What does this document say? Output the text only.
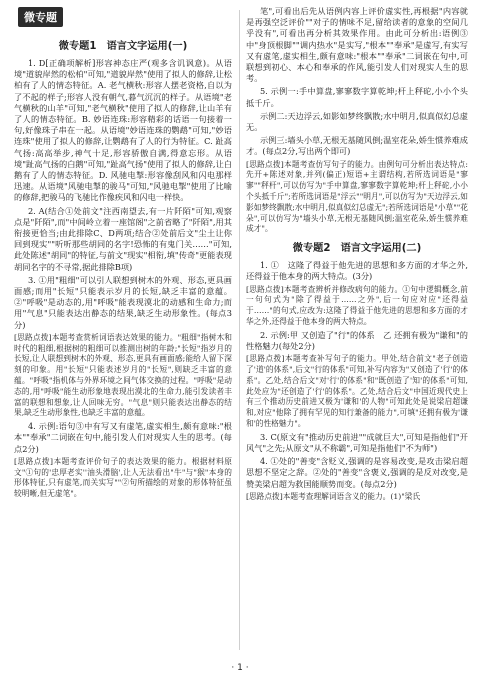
微专题
微专题1　语言文字运用(一)

1. D[正确项解析]形容神态庄严(观多含讥讽意)。从语境"道貌岸然的松柏"可知,"道貌岸然"使用了拟人的修辞,让松柏有了人的情态特征。A. 老气横秋:形容人摆老资格,自以为了不起的样子;形容人没有朝气,暮气沉沉的样子。从语境"老气横秋的山羊"可知,"老气横秋"使用了拟人的修辞,让山羊有了人的情态特征。B. 妙语连珠:形容精彩的话语一句接着一句,好像珠子串在一起。从语境"妙语连珠的鹦鹉"可知,"妙语连珠"使用了拟人的修辞,让鹦鹉有了人的行为特征。C. 趾高气扬:高高举步,神气十足,形容骄傲自满,得意忘形。从语境"趾高气扬的白鹅"可知,"趾高气扬"使用了拟人的修辞,让白鹅有了人的情态特征。D. 风驰电掣:形容像刮风和闪电那样迅速。从语境"风驰电掣的骏马"可知,"风驰电掣"使用了比喻的修辞,把骏马的飞驰比作像疾风和闪电一样快。

2. A(结合①处前文"注西南望去,有一片阡陌"可知,观察点是"阡陌",而"中间岭立着一座馆阁"之前省略了"阡陌",用其衔接更恰当;由此排除C、D两项;结合②处前后文"尘土让你回到现实""听听那些胡同的名字!恐怖的有鬼门关……"可知,此处陈述"胡同"的特征,与前文"现实"相衔,填"传奇"更能表现胡同名字的不寻常,据此排除B项)

3. ①用"粗细"可以引人联想到树木的外观、形态,更具画面感;而用"长短"只能表示岁月的长短,缺乏丰富的意蕴。②"呼吸"是动态的,用"呼吸"能表现漠北的动感和生命力;而用"气息"只能表达出静态的结果,缺乏生动形象性。(每点3分)

[思路点拨]本题考查赏析词语表达效果的能力。"粗细"指树木和时代的粗细,根据树的粗细可以推测出树的年龄;"长短"指岁月的长短,让人联想到树木的外观、形态,更具有画面感;能给人留下深刻的印象。用"长短"只能表述岁月的"长短",则缺乏丰富的意蕴。"呼吸"指机体与外界环境之间气体交换的过程。"呼吸"是动态的,用"呼吸"能生动形象地表现出漠北的生命力,能引发读者丰富的联想和想象,让人回味无穷。"气息"则只能表达出静态的结果,缺乏生动形象性,也缺乏丰富的意蕴。

4. 示例:语句③中有写又有虚笔,虚实相生,颇有意味:"根本""奉承"二词嵌在句中,能引发人们对现实人生的思考。(每点2分)

[思路点拨]本题考查评价句子的表达效果的能力。根据材料原文"①句的'忠厚老实''油头滑脑',让人无法看出"牛"与"猴"本身的形体特征,只有虚笔,而关实写""②句所描绘的对象的形体特征虽较明晰,但无虚笔"。

笔",可看出后先从语例内容上评价虚实性,再根据"内容就是再强空泛评价""对子的情味不足,留给读者的意象的空间几乎没有",可看出再分析其效果作用。由此可分析出:语例③中"身顶根脚""调内热水"是实写,"根本""奉承"是虚写,有实写又有虚笔,虚实相生,颇有意味:"根本""奉承"二词嵌在句中,可联想到初心、本心和奉承的作风,能引发人们对现实人生的思考。

5. 示例一:手中算盘,寥寥数字算乾坤;杆上秤砣,小小个头抵千斤。

示例二:天边浮云,如影如梦终飘散;水中明月,似真似幻总虚无。

示例三:墙头小草,无根无基随风倒;温室花朵,娇生惯养难成才。(每点2分,写出两个即可)

[思路点拨]本题考查仿写句子的能力。由例句可分析出表达特点:先开+陈述对象,并列(偏正)短语+主谓结构,若所选词语是"寥寥""秤杆",可以仿写为"手中算盘,寥寥数字算乾坤;杆上秤砣,小小个头抵千斤";若所选词语是"浮云""明月",可以仿写为"天边浮云,如影如梦终飘散;水中明月,似真似幻总虚无";若所选词语是"小草""花朵",可以仿写为"墙头小草,无根无基随风倒;温室花朵,娇生惯养难成才"。

微专题2　语言文字运用(二)

1. ①　这隆了得益于他先进的思想和多方面的才华之外,还得益于他本身的两大特点。(3分)

[思路点拨]本题考查辨析并修改病句的能力。①句中逻辑概念,前一句句式为"除了得益于……之外",后一句应对应"还得益于……"的句式,应改为:这隆了得益于他先进的思想和多方面的才华之外,还得益于他本身的两大特点。

2. 示例:甲 又创造了"行"的体系　乙 还拥有极为"谦和"的性格魅力(每处2分)

[思路点拨]本题考查补写句子的能力。甲处,结合前文"老子创造了'道'的体系",后文"行的体系"可知,补写内容为"又创造了'行'的体系"。乙处,结合后文"对'行'的体系"和"既创造了'知'的体系"可知,此处应为"还创造了'行'的体系"。乙处,结合后文"中国近现代史上有三个推动历史前进又极为'谦和'的人物"可知此处是说梁启超谦和,对应"他除了拥有罕见的知行兼备的能力",可填"还拥有极为'谦和'的性格魅力"。

3. C(原文有"推动历史前进""成就巨大",可知是指他们"开风气"之先;从原文"从不称霸",可知是指他们"不为师")

4. ①处的"善变"含贬义,强调的是容易改变,是攻击梁启超思想不坚定之辞。②处的"善变"含褒义,强调的是反对改变,是赞美梁启超为救国能顺势而变。(每点2分)

[思路点拨]本题考查理解词语含义的能力。(1)"梁氏

· 1 ·
